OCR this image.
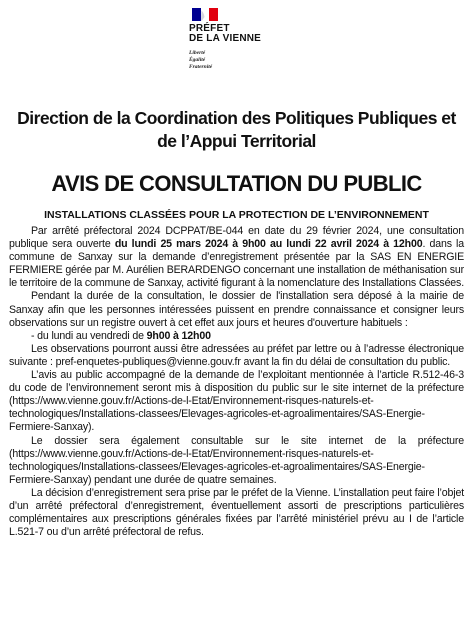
PRÉFET
DE LA VIENNE
Liberté
Égalité
Fraternité
Direction de la Coordination des Politiques Publiques et de l’Appui Territorial
AVIS DE CONSULTATION DU PUBLIC
INSTALLATIONS CLASSÉES POUR LA PROTECTION DE L’ENVIRONNEMENT

Par arrêté préfectoral 2024 DCPPAT/BE-044 en date du 29 février 2024, une consultation publique sera ouverte du lundi 25 mars 2024 à 9h00 au lundi 22 avril 2024 à 12h00. dans la commune de Sanxay sur la demande d’enregistrement présentée par la SAS EN ENERGIE FERMIERE gérée par M. Aurélien BERARDENGO concernant une installation de méthanisation sur le territoire de la commune de Sanxay, activité figurant à la nomenclature des Installations Classées.

Pendant la durée de la consultation, le dossier de l'installation sera déposé à la mairie de Sanxay afin que les personnes intéressées puissent en prendre connaissance et consigner leurs observations sur un registre ouvert à cet effet aux jours et heures d'ouverture habituels :

- du lundi au vendredi de 9h00 à 12h00

Les observations pourront aussi être adressées au préfet par lettre ou à l’adresse électronique suivante : pref-enquetes-publiques@vienne.gouv.fr avant la fin du délai de consultation du public.

L’avis au public accompagné de la demande de l’exploitant mentionnée à l’article R.512-46-3 du code de l’environnement seront mis à disposition du public sur le site internet de la préfecture (https://www.vienne.gouv.fr/Actions-de-l-Etat/Environnement-risques-naturels-et-technologiques/Installations-classees/Elevages-agricoles-et-agroalimentaires/SAS-Energie-Fermiere-Sanxay).

Le dossier sera également consultable sur le site internet de la préfecture (https://www.vienne.gouv.fr/Actions-de-l-Etat/Environnement-risques-naturels-et-technologiques/Installations-classees/Elevages-agricoles-et-agroalimentaires/SAS-Energie-Fermiere-Sanxay) pendant une durée de quatre semaines.

La décision d’enregistrement sera prise par le préfet de la Vienne. L’installation peut faire l’objet d’un arrêté préfectoral d’enregistrement, éventuellement assorti de prescriptions particulières complémentaires aux prescriptions générales fixées par l’arrêté ministériel prévu au I de l’article L.521-7 ou d’un arrêté préfectoral de refus.
